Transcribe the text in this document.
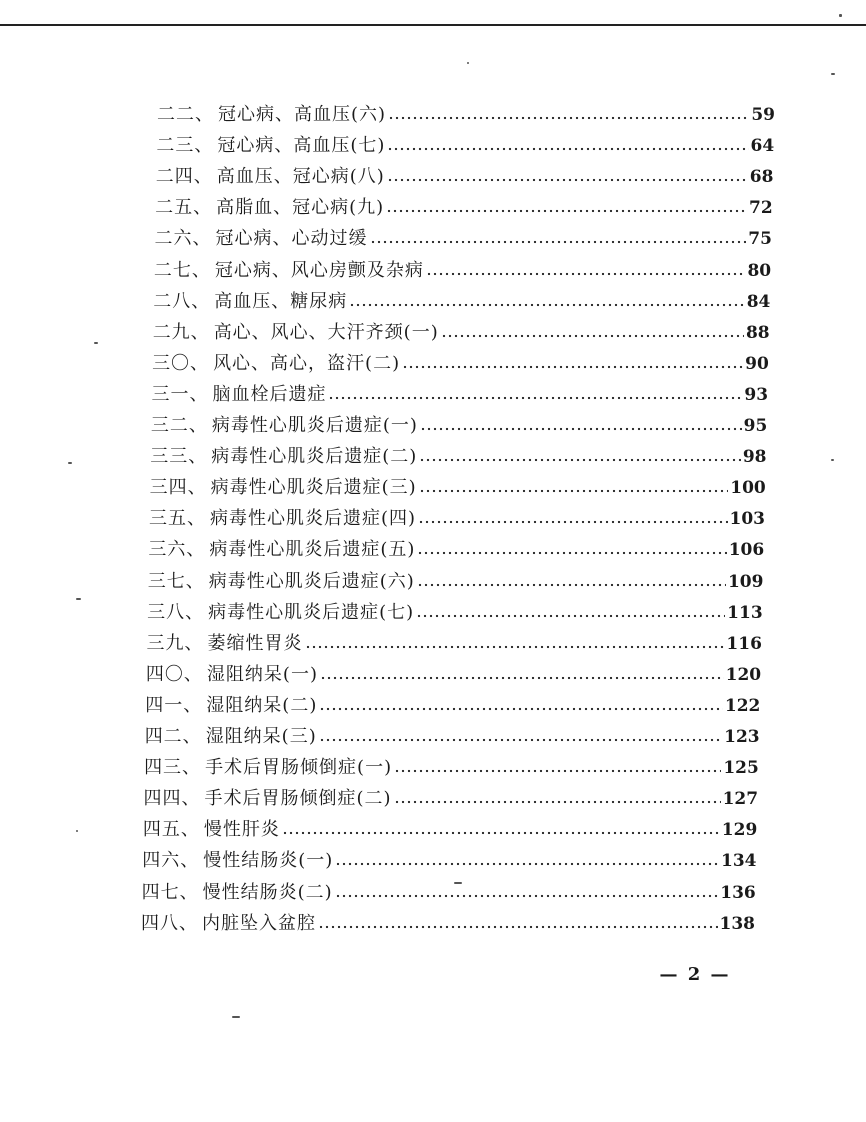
二二、 冠心病、高血压(六)	59
二三、 冠心病、高血压(七)	64
二四、 高血压、冠心病(八)	68
二五、 高脂血、冠心病(九)	72
二六、 冠心病、心动过缓	75
二七、 冠心病、风心房颤及杂病	80
二八、 高血压、糖尿病	84
二九、 高心、风心、大汗齐颈(一)	88
三〇、 风心、高心，盗汗(二)	90
三一、 脑血栓后遗症	93
三二、 病毒性心肌炎后遗症(一)	95
三三、 病毒性心肌炎后遗症(二)	98
三四、 病毒性心肌炎后遗症(三)	100
三五、 病毒性心肌炎后遗症(四)	103
三六、 病毒性心肌炎后遗症(五)	106
三七、 病毒性心肌炎后遗症(六)	109
三八、 病毒性心肌炎后遗症(七)	113
三九、 萎缩性胃炎	116
四〇、 湿阻纳呆(一)	120
四一、 湿阻纳呆(二)	122
四二、 湿阻纳呆(三)	123
四三、 手术后胃肠倾倒症(一)	125
四四、 手术后胃肠倾倒症(二)	127
四五、 慢性肝炎	129
四六、 慢性结肠炎(一)	134
四七、 慢性结肠炎(二)	136
四八、 内脏坠入盆腔	138
— 2 —
